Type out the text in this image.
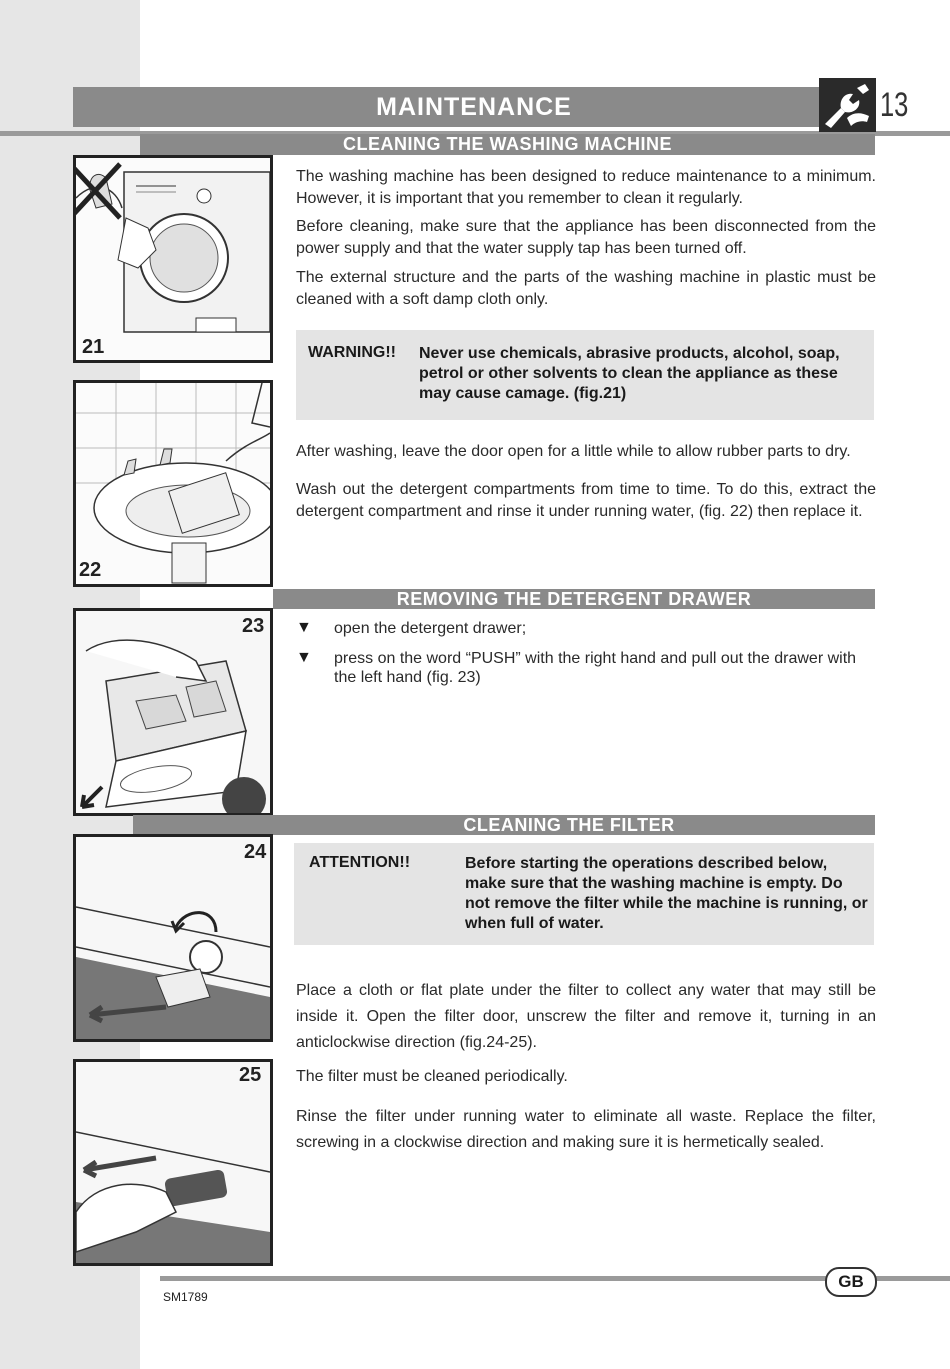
MAINTENANCE	13
CLEANING THE WASHING MACHINE
21

The washing machine has been designed to reduce maintenance to a minimum. However, it is important that you remember to clean it regularly.

Before cleaning, make sure that the appliance has been disconnected from the power supply and that the water supply tap has been turned off.

The external structure and the parts of the washing machine in plastic must be cleaned with a soft damp cloth only.

WARNING!! Never use chemicals, abrasive products, alcohol, soap, petrol or other solvents to clean the appliance as these may cause camage. (fig.21)
22

After washing, leave the door open for a little while to allow rubber parts to dry.

Wash out the detergent compartments from time to time. To do this, extract the detergent compartment and rinse it under running water, (fig. 22) then replace it.

REMOVING THE DETERGENT DRAWER
23 ▼ open the detergent drawer;
▼ press on the word “PUSH” with the right hand and pull out the drawer with the left hand (fig. 23)
CLEANING THE FILTER
24	ATTENTION!!	Before starting the operations described below, make sure that the washing machine is empty. Do not remove the filter while the machine is running, or when full of water.

Place a cloth or flat plate under the filter to collect any water that may still be inside it. Open the filter door, unscrew the filter and remove it, turning in an anticlockwise direction (fig.24-25).

The filter must be cleaned periodically.

Rinse the filter under running water to eliminate all waste. Replace the filter, screwing in a clockwise direction and making sure it is hermetically sealed.

25
GB
SM1789
